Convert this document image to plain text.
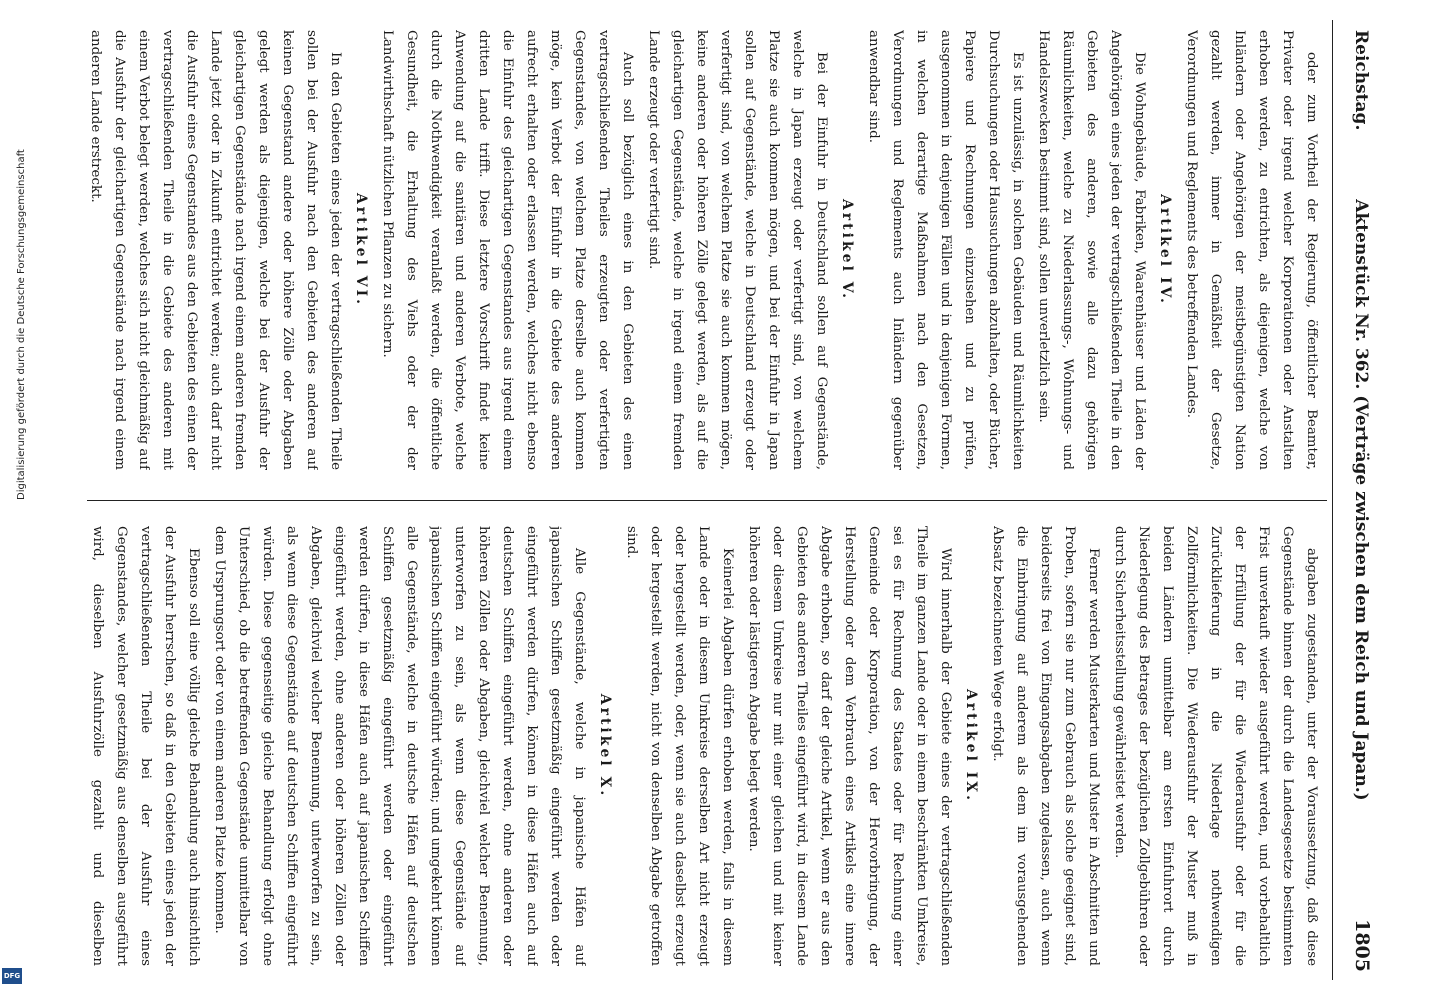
Reichstag.
Aktenstück Nr. 362. (Verträge zwischen dem Reich und Japan.)
1805

oder zum Vortheil der Regierung, öffentlicher Beamter, Privater oder irgend welcher Korporationen oder Anstalten erhoben werden, zu entrichten, als diejenigen, welche von Inländern oder Angehörigen der meistbegünstigten Nation gezahlt werden, immer in Gemäßheit der Gesetze, Verordnungen und Reglements des betreffenden Landes.

Artikel IV.

Die Wohngebäude, Fabriken, Waarenhäuser und Läden der Angehörigen eines jeden der vertragschließenden Theile in den Gebieten des anderen, sowie alle dazu gehörigen Räumlichkeiten, welche zu Niederlassungs-, Wohnungs- und Handelszwecken bestimmt sind, sollen unverletzlich sein.

Es ist unzulässig, in solchen Gebäuden und Räumlichkeiten Durchsuchungen oder Haussuchungen abzuhalten, oder Bücher, Papiere und Rechnungen einzusehen und zu prüfen, ausgenommen in denjenigen Fällen und in denjenigen Formen, in welchen derartige Maßnahmen nach den Gesetzen, Verordnungen und Reglements auch Inländern gegenüber anwendbar sind.

Artikel V.

Bei der Einfuhr in Deutschland sollen auf Gegenstände, welche in Japan erzeugt oder verfertigt sind, von welchem Platze sie auch kommen mögen, und bei der Einfuhr in Japan sollen auf Gegenstände, welche in Deutschland erzeugt oder verfertigt sind, von welchem Platze sie auch kommen mögen, keine anderen oder höheren Zölle gelegt werden, als auf die gleichartigen Gegenstände, welche in irgend einem fremden Lande erzeugt oder verfertigt sind.

Auch soll bezüglich eines in den Gebieten des einen vertragschließenden Theiles erzeugten oder verfertigten Gegenstandes, von welchem Platze derselbe auch kommen möge, kein Verbot der Einfuhr in die Gebiete des anderen aufrecht erhalten oder erlassen werden, welches nicht ebenso die Einfuhr des gleichartigen Gegenstandes aus irgend einem dritten Lande trifft. Diese letztere Vorschrift findet keine Anwendung auf die sanitären und anderen Verbote, welche durch die Nothwendigkeit veranlaßt werden, die öffentliche Gesundheit, die Erhaltung des Viehs oder der der Landwirthschaft nützlichen Pflanzen zu sichern.

Artikel VI.

In den Gebieten eines jeden der vertragschließenden Theile sollen bei der Ausfuhr nach den Gebieten des anderen auf keinen Gegenstand andere oder höhere Zölle oder Abgaben gelegt werden als diejenigen, welche bei der Ausfuhr der gleichartigen Gegenstände nach irgend einem anderen fremden Lande jetzt oder in Zukunft entrichtet werden; auch darf nicht die Ausfuhr eines Gegenstandes aus den Gebieten des einen der vertragschließenden Theile in die Gebiete des anderen mit einem Verbot belegt werden, welches sich nicht gleichmäßig auf die Ausfuhr der gleichartigen Gegenstände nach irgend einem anderen Lande erstreckt.

abgaben zugestanden, unter der Voraussetzung, daß diese Gegenstände binnen der durch die Landesgesetze bestimmten Frist unverkauft wieder ausgeführt werden, und vorbehaltlich der Erfüllung der für die Wiederausfuhr oder für die Zurücklieferung in die Niederlage nothwendigen Zollförmlichkeiten. Die Wiederausfuhr der Muster muß in beiden Ländern unmittelbar am ersten Einfuhrort durch Niederlegung des Betrages der bezüglichen Zollgebühren oder durch Sicherheitsstellung gewährleistet werden.

Ferner werden Musterkarten und Muster in Abschnitten und Proben, sofern sie nur zum Gebrauch als solche geeignet sind, beiderseits frei von Eingangsabgaben zugelassen, auch wenn die Einbringung auf anderem als dem im vorausgehenden Absatz bezeichneten Wege erfolgt.

Artikel IX.

Wird innerhalb der Gebiete eines der vertragschließenden Theile im ganzen Lande oder in einem beschränkten Umkreise, sei es für Rechnung des Staates oder für Rechnung einer Gemeinde oder Korporation, von der Hervorbringung, der Herstellung oder dem Verbrauch eines Artikels eine innere Abgabe erhoben, so darf der gleiche Artikel, wenn er aus den Gebieten des anderen Theiles eingeführt wird, in diesem Lande oder diesem Umkreise nur mit einer gleichen und mit keiner höheren oder lästigeren Abgabe belegt werden.

Keinerlei Abgaben dürfen erhoben werden, falls in diesem Lande oder in diesem Umkreise derselben Art nicht erzeugt oder hergestellt werden, oder, wenn sie auch daselbst erzeugt oder hergestellt werden, nicht von denselben Abgabe getroffen sind.

Artikel X.

Alle Gegenstände, welche in japanische Häfen auf japanischen Schiffen gesetzmäßig eingeführt werden oder eingeführt werden dürfen, können in diese Häfen auch auf deutschen Schiffen eingeführt werden, ohne anderen oder höheren Zöllen oder Abgaben, gleichviel welcher Benennung, unterworfen zu sein, als wenn diese Gegenstände auf japanischen Schiffen eingeführt würden; und umgekehrt können alle Gegenstände, welche in deutsche Häfen auf deutschen Schiffen gesetzmäßig eingeführt werden oder eingeführt werden dürfen, in diese Häfen auch auf japanischen Schiffen eingeführt werden, ohne anderen oder höheren Zöllen oder Abgaben, gleichviel welcher Benennung, unterworfen zu sein, als wenn diese Gegenstände auf deutschen Schiffen eingeführt würden. Diese gegenseitige gleiche Behandlung erfolgt ohne Unterschied, ob die betreffenden Gegenstände unmittelbar von dem Ursprungsort oder von einem anderen Platze kommen.

Ebenso soll eine völlig gleiche Behandlung auch hinsichtlich der Ausfuhr herrschen, so daß in den Gebieten eines jeden der vertragschließenden Theile bei der Ausfuhr eines Gegenstandes, welcher gesetzmäßig aus denselben ausgeführt wird, dieselben Ausfuhrzölle gezahlt und dieselben

Digitalisierung gefördert durch die Deutsche Forschungsgemeinschaft
DFG
